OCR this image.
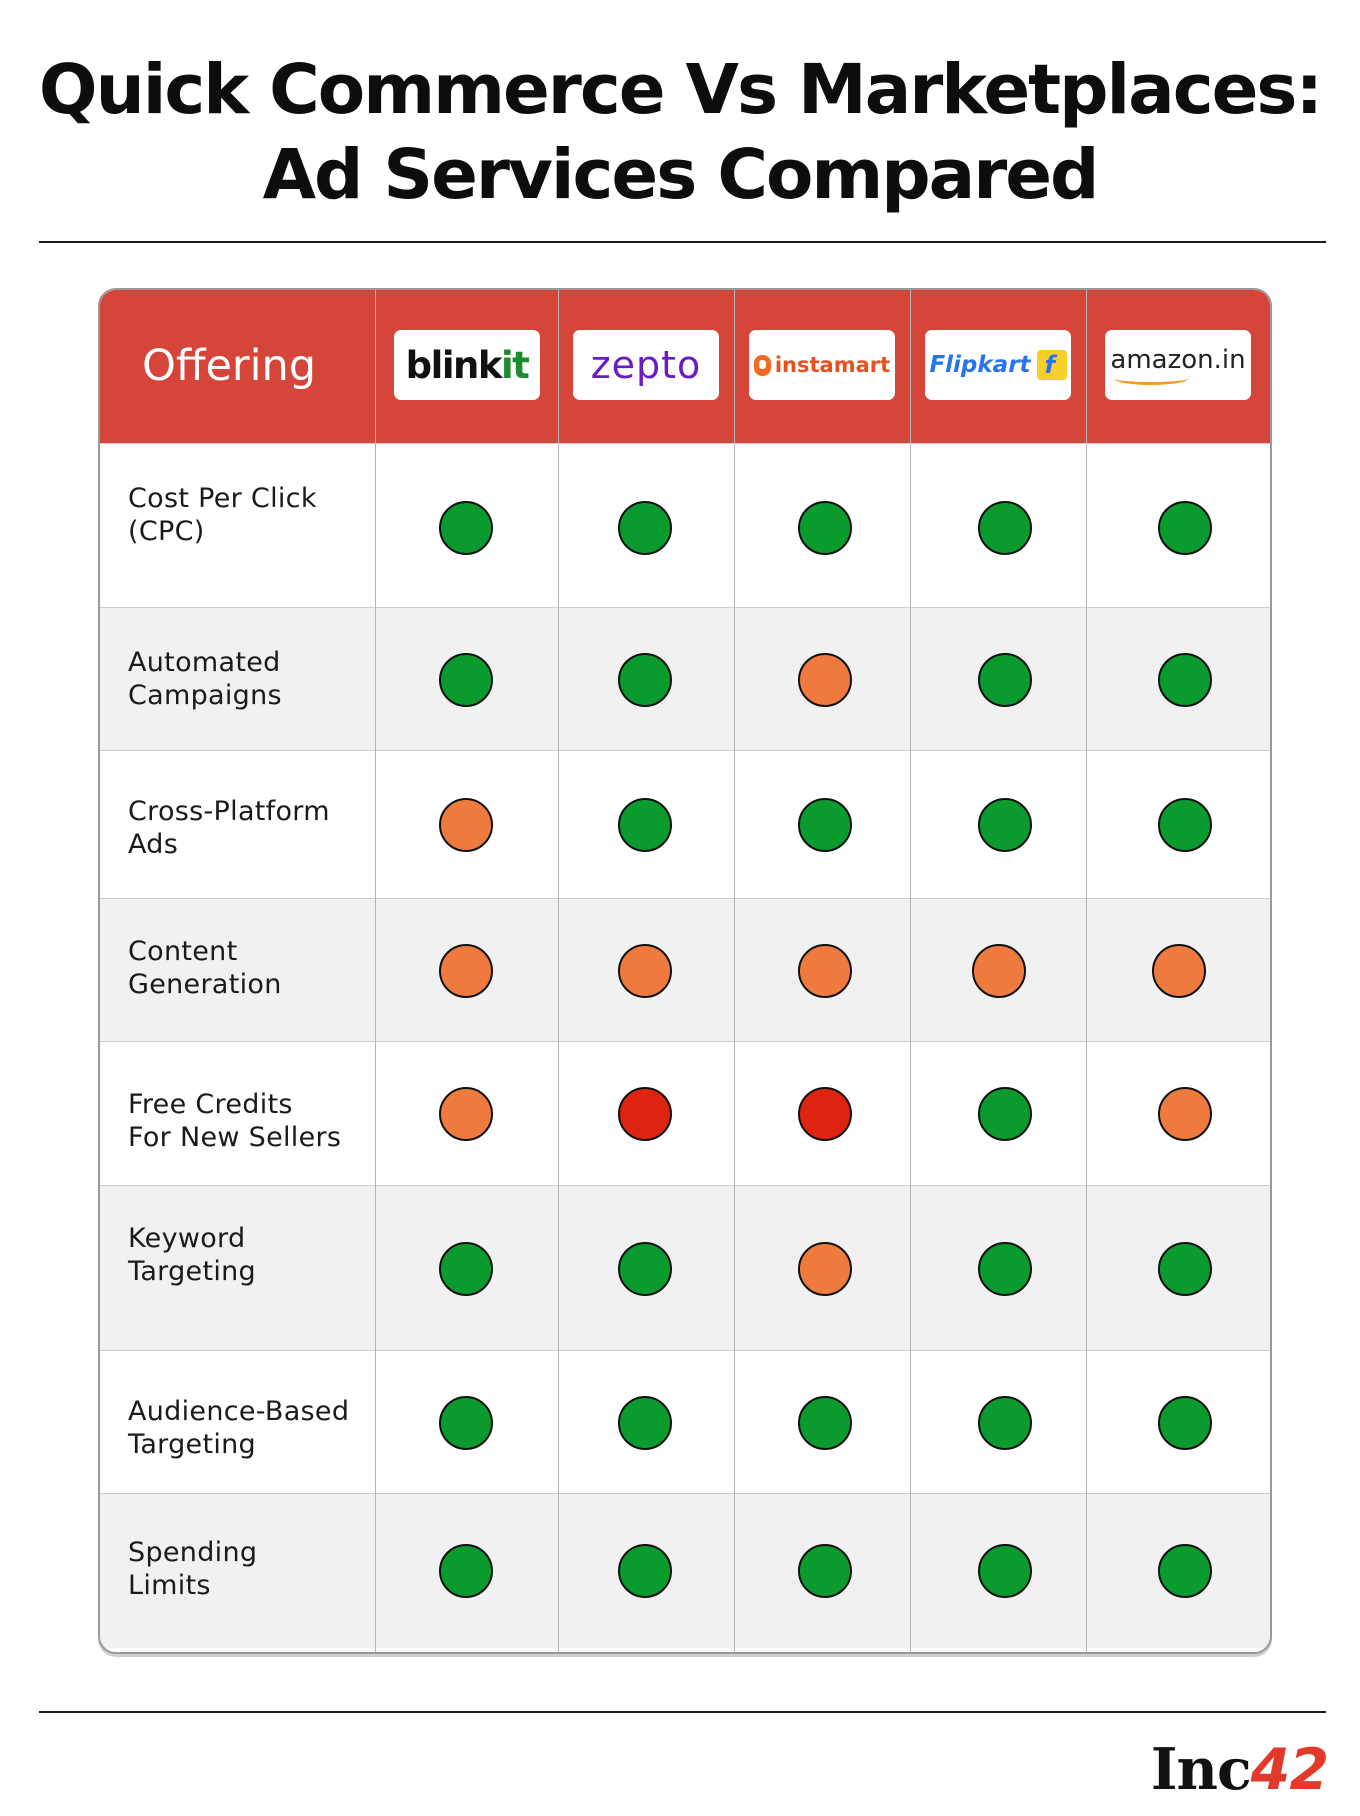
Quick Commerce Vs Marketplaces:
Ad Services Compared
Offering blinkit zepto	instamart Flipkart
f	amazon.in
Cost Per Click
(CPC)
Automated
Campaigns
Cross-Platform
Ads
Content
Generation
Free Credits
For New Sellers
Keyword
Targeting
Audience-Based
Targeting
Spending
Limits
Inc42
